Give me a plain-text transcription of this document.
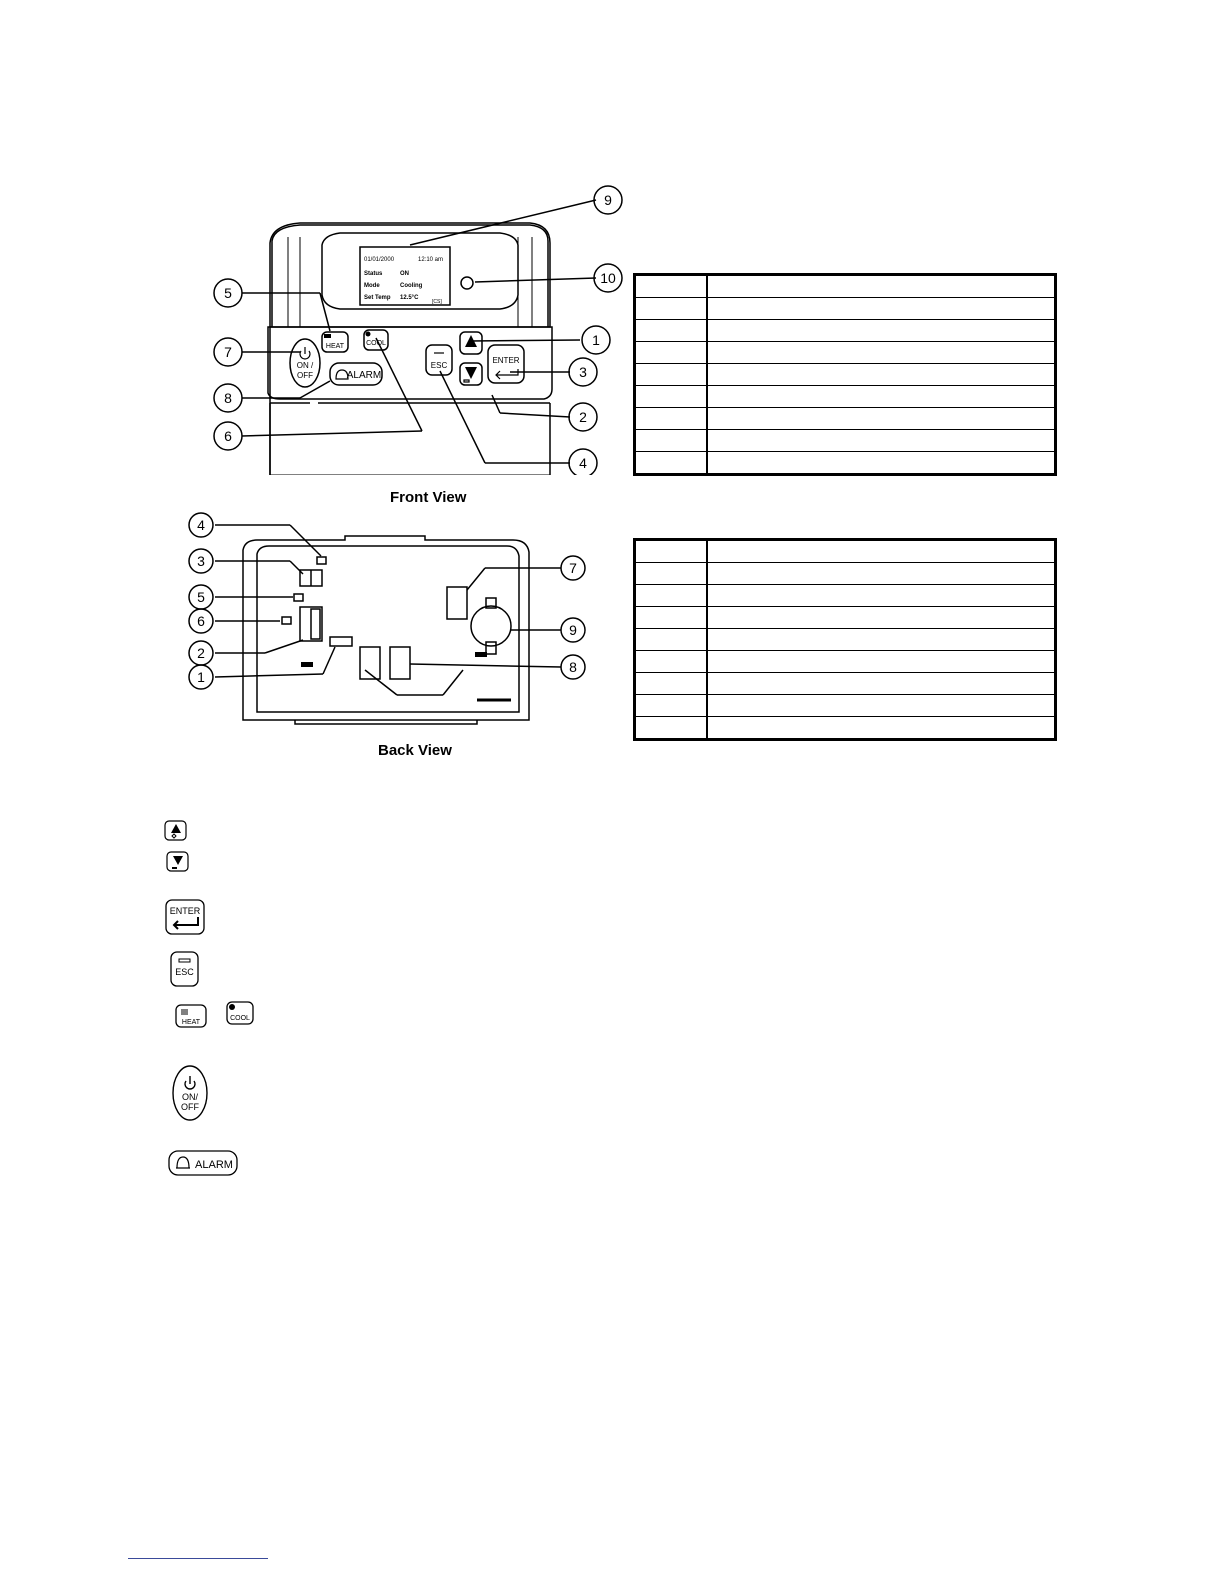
01/01/2000	12:10 am
Status	ON
Mode	Cooling
Set Temp 12.5°C
[CS]
HEAT	COOL
ESC
ENTER
ON /
OFF	ALARM
9
10
5
7
8
6
1
3
2
4
Front View
4
3
5
6
2
1
7
9
8
Back View

ENTER
ESC
HEAT
COOL
ON/
OFF
ALARM
